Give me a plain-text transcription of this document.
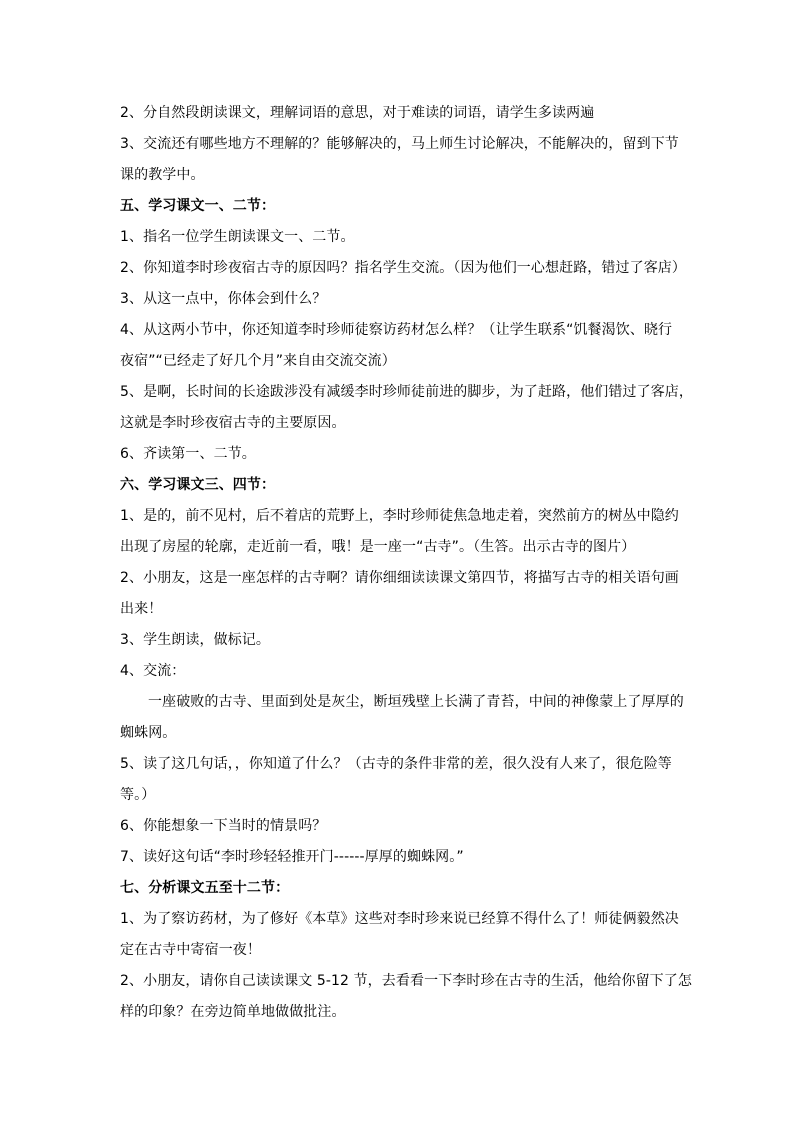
2、分自然段朗读课文，理解词语的意思，对于难读的词语，请学生多读两遍
3、交流还有哪些地方不理解的？能够解决的，马上师生讨论解决，不能解决的，留到下节
课的教学中。
五、学习课文一、二节：
1、指名一位学生朗读课文一、二节。
2、你知道李时珍夜宿古寺的原因吗？指名学生交流。（因为他们一心想赶路，错过了客店）
3、从这一点中，你体会到什么？
4、从这两小节中，你还知道李时珍师徒察访药材怎么样？（让学生联系“饥餐渴饮、晓行
夜宿”“已经走了好几个月”来自由交流交流）
5、是啊，长时间的长途跋涉没有减缓李时珍师徒前进的脚步，为了赶路，他们错过了客店，
这就是李时珍夜宿古寺的主要原因。
6、齐读第一、二节。
六、学习课文三、四节：
1、是的，前不见村，后不着店的荒野上，李时珍师徒焦急地走着，突然前方的树丛中隐约
出现了房屋的轮廓，走近前一看，哦！是一座一“古寺”。（生答。出示古寺的图片）
2、小朋友，这是一座怎样的古寺啊？请你细细读读课文第四节，将描写古寺的相关语句画
出来！
3、学生朗读，做标记。
4、交流：
一座破败的古寺、里面到处是灰尘，断垣残壁上长满了青苔，中间的神像蒙上了厚厚的
蜘蛛网。
5、读了这几句话，，你知道了什么？（古寺的条件非常的差，很久没有人来了，很危险等
等。）
6、你能想象一下当时的情景吗？
7、读好这句话“李时珍轻轻推开门------厚厚的蜘蛛网。”
七、分析课文五至十二节：
1、为了察访药材，为了修好《本草》这些对李时珍来说已经算不得什么了！师徒俩毅然决
定在古寺中寄宿一夜！
2、小朋友，请你自己读读课文 5-12 节，去看看一下李时珍在古寺的生活，他给你留下了怎
样的印象？在旁边简单地做做批注。
